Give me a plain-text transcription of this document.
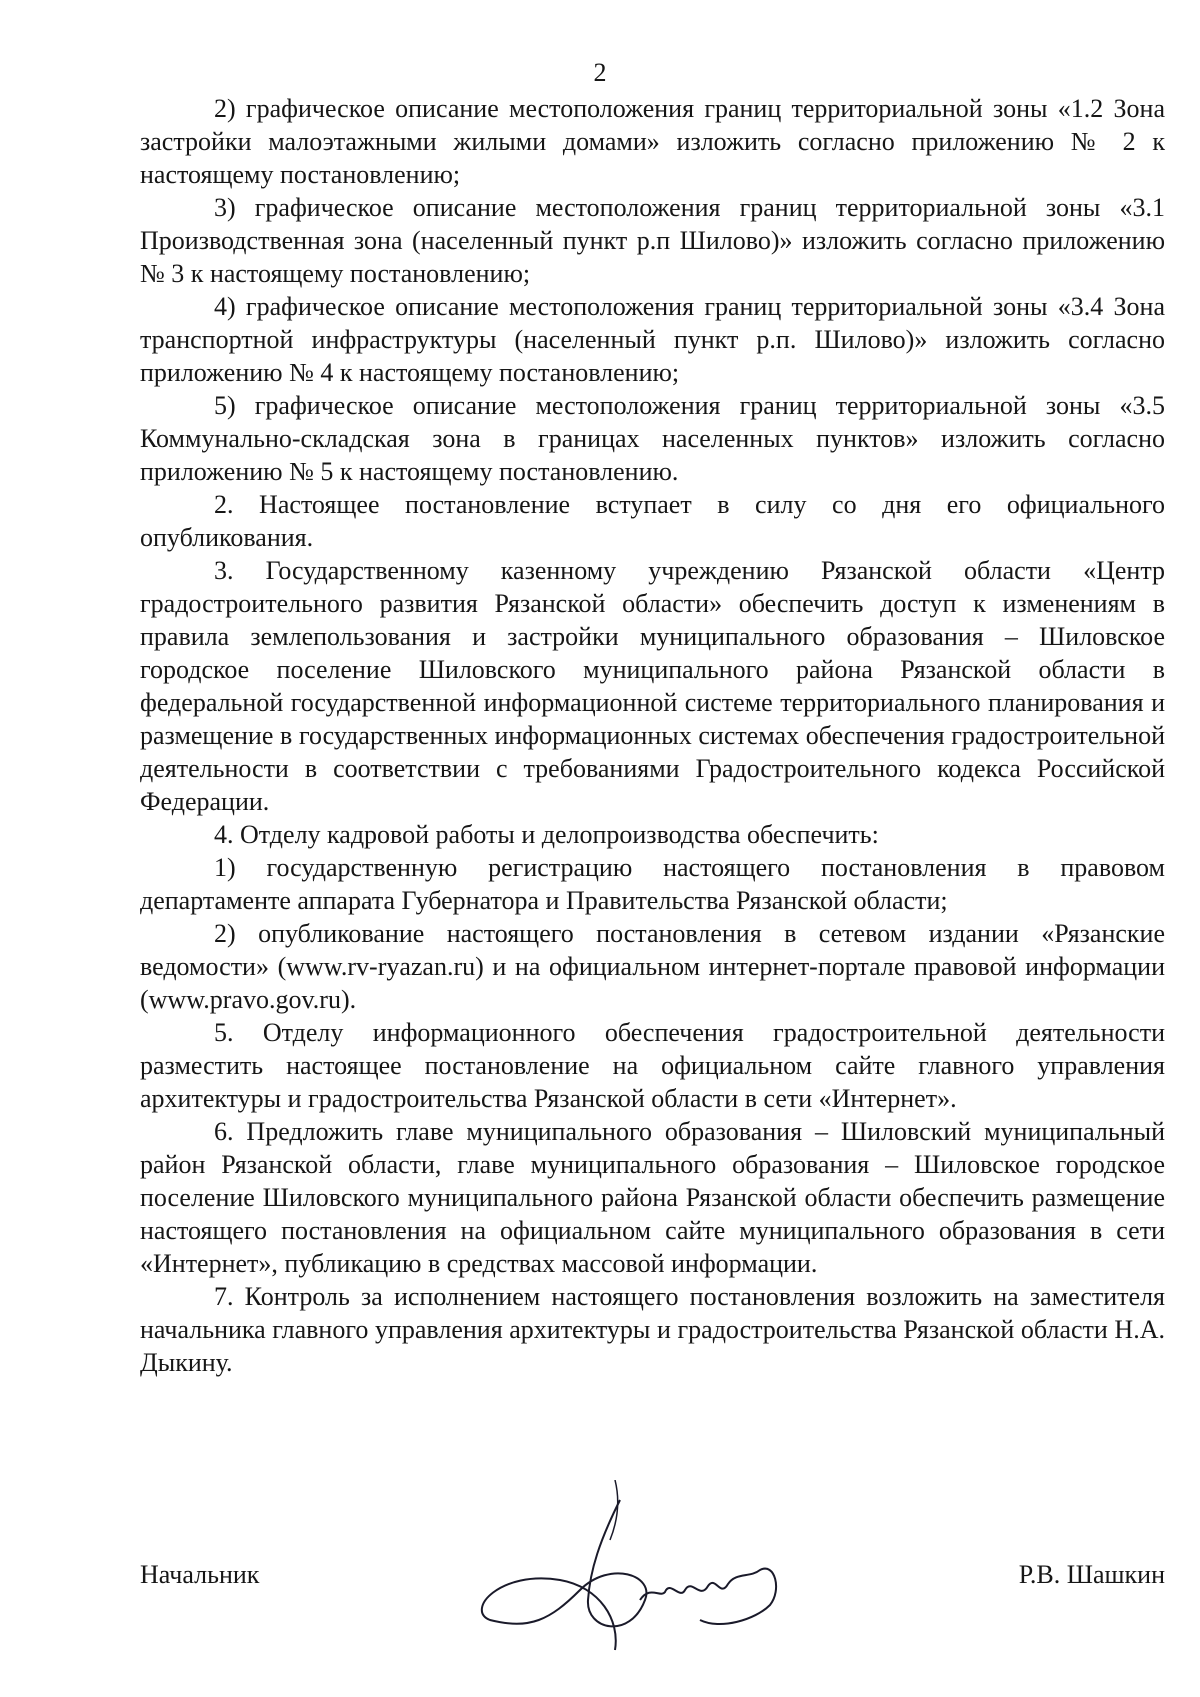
2

2) графическое описание местоположения границ территориальной зоны «1.2 Зона застройки малоэтажными жилыми домами» изложить согласно приложению № 2 к настоящему постановлению;

3) графическое описание местоположения границ территориальной зоны «3.1 Производственная зона (населенный пункт р.п Шилово)» изложить согласно приложению № 3 к настоящему постановлению;

4) графическое описание местоположения границ территориальной зоны «3.4 Зона транспортной инфраструктуры (населенный пункт р.п. Шилово)» изложить согласно приложению № 4 к настоящему постановлению;

5) графическое описание местоположения границ территориальной зоны «3.5 Коммунально-складская зона в границах населенных пунктов» изложить согласно приложению № 5 к настоящему постановлению.

2. Настоящее постановление вступает в силу со дня его официального опубликования.

3. Государственному казенному учреждению Рязанской области «Центр градостроительного развития Рязанской области» обеспечить доступ к изменениям в правила землепользования и застройки муниципального образования – Шиловское городское поселение Шиловского муниципального района Рязанской области в федеральной государственной информационной системе территориального планирования и размещение в государственных информационных системах обеспечения градостроительной деятельности в соответствии с требованиями Градостроительного кодекса Российской Федерации.

4. Отделу кадровой работы и делопроизводства обеспечить:

1) государственную регистрацию настоящего постановления в правовом департаменте аппарата Губернатора и Правительства Рязанской области;

2) опубликование настоящего постановления в сетевом издании «Рязанские ведомости» (www.rv-ryazan.ru) и на официальном интернет-портале правовой информации (www.pravo.gov.ru).

5. Отделу информационного обеспечения градостроительной деятельности разместить настоящее постановление на официальном сайте главного управления архитектуры и градостроительства Рязанской области в сети «Интернет».

6. Предложить главе муниципального образования – Шиловский муниципальный район Рязанской области, главе муниципального образования – Шиловское городское поселение Шиловского муниципального района Рязанской области обеспечить размещение настоящего постановления на официальном сайте муниципального образования в сети «Интернет», публикацию в средствах массовой информации.

7. Контроль за исполнением настоящего постановления возложить на заместителя начальника главного управления архитектуры и градостроительства Рязанской области Н.А. Дыкину.

Начальник	Р.В. Шашкин
